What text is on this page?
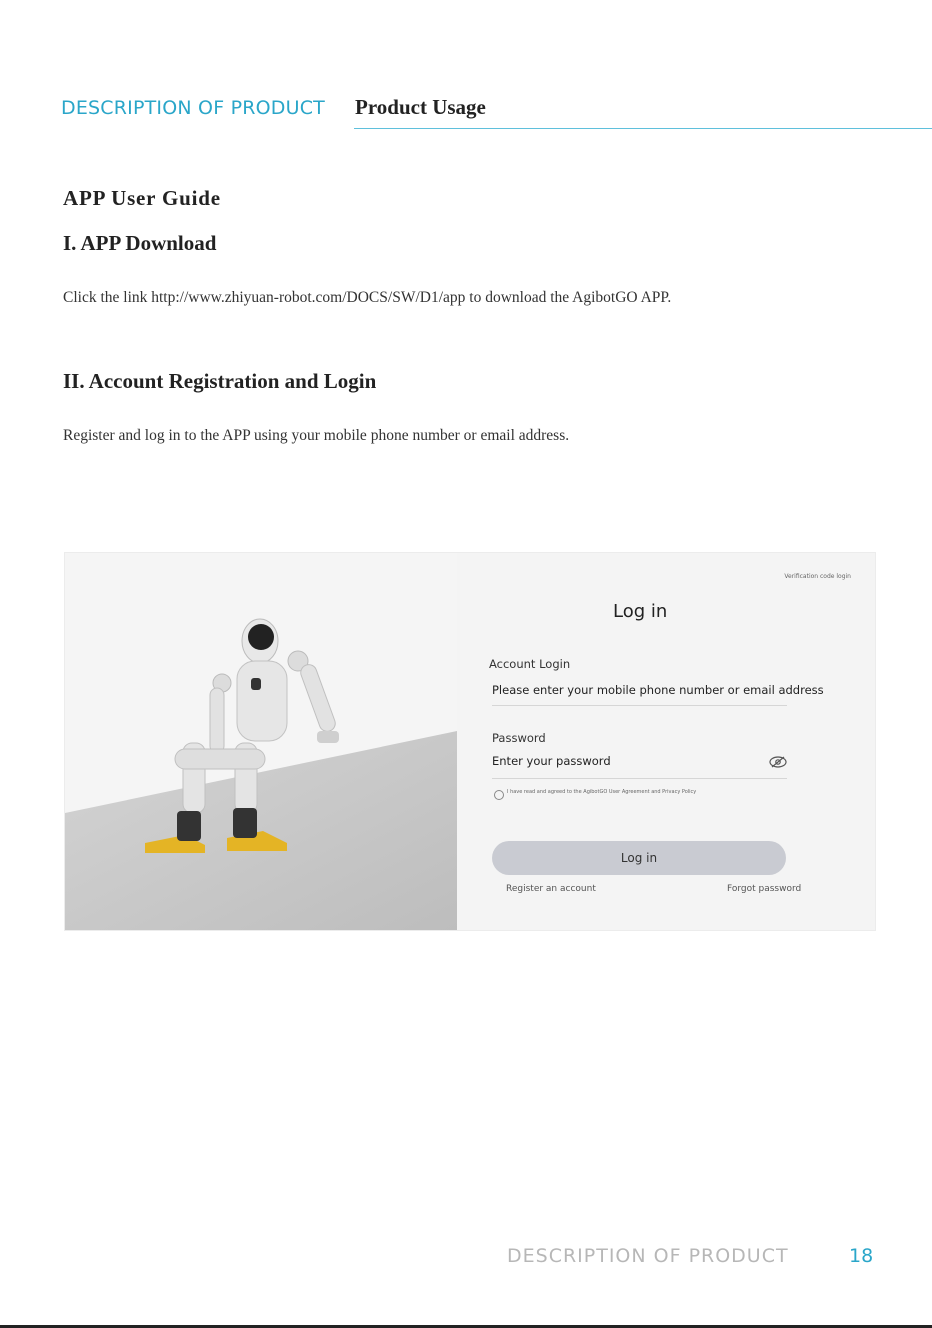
DESCRIPTION OF PRODUCT Product Usage
APP User Guide
I. APP Download
Click the link http://www.zhiyuan-robot.com/DOCS/SW/D1/app to download the AgibotGO APP.
II. Account Registration and Login
Register and log in to the APP using your mobile phone number or email address.
Verification code login
Log in
Account Login
Please enter your mobile phone number or email address
Password
Enter your password
I have read and agreed to the AgibotGO User Agreement and Privacy Policy
Log in
Register an account	Forgot password
DESCRIPTION OF PRODUCT	18
